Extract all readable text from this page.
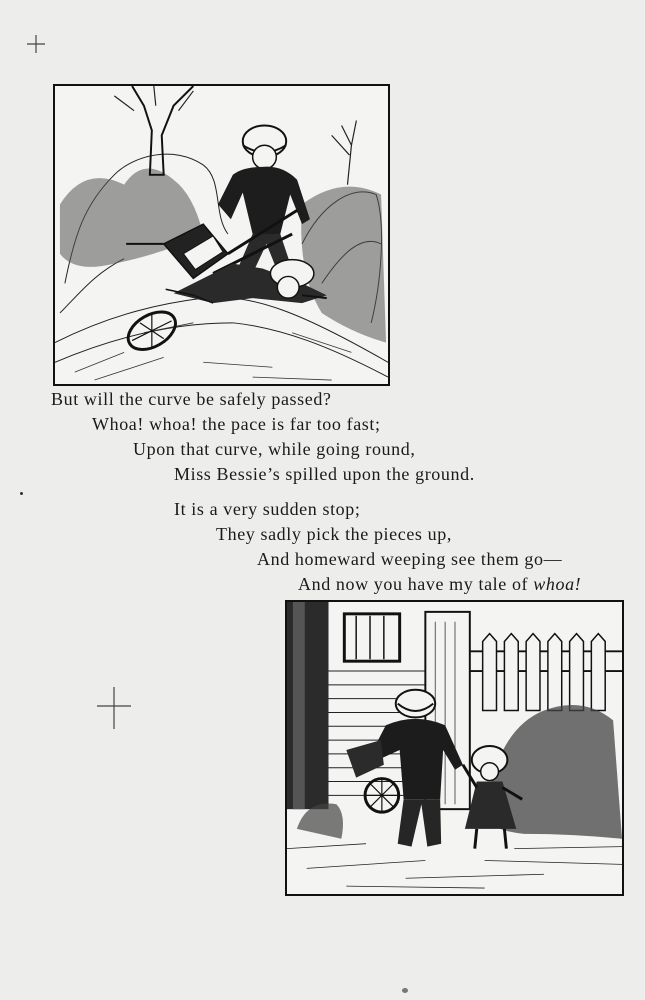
But will the curve be safely passed?
Whoa! whoa! the pace is far too fast;
Upon that curve, while going round,
Miss Bessie’s spilled upon the ground.
It is a very sudden stop;
They sadly pick the pieces up,
And homeward weeping see them go—
And now you have my tale of whoa!
